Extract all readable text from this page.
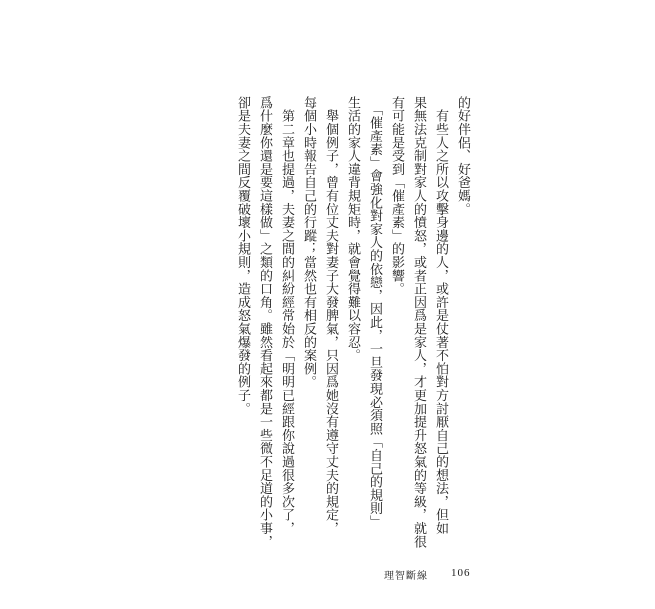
的好伴侶、好爸媽。
　有些人之所以攻擊身邊的人，或許是仗著不怕對方討厭自己的想法，但如
果無法克制對家人的憤怒，或者正因爲是家人，才更加提升怒氣的等級，就很
有可能是受到「催產素」的影響。
　「催產素」會強化對家人的依戀，因此，一旦發現必須照「自己的規則」
生活的家人違背規矩時，就會覺得難以容忍。
　舉個例子，曾有位丈夫對妻子大發脾氣，只因爲她沒有遵守丈夫的規定，
每個小時報告自己的行蹤；當然也有相反的案例。
　第二章也提過，夫妻之間的糾紛經常始於「明明已經跟你說過很多次了，
爲什麼你還是要這樣做」之類的口角。雖然看起來都是一些微不足道的小事，
卻是夫妻之間反覆破壞小規則，造成怒氣爆發的例子。
理智斷線 106
